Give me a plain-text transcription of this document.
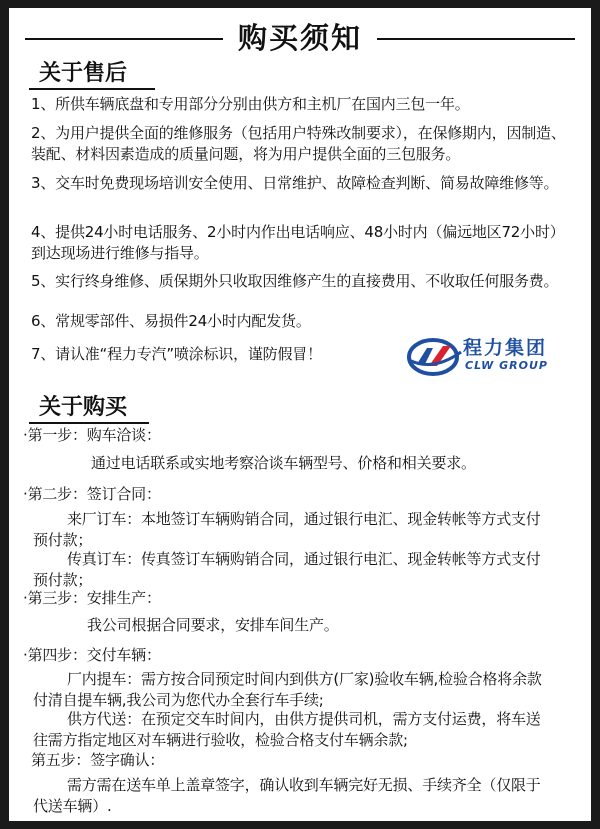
购买须知
关于售后

1、所供车辆底盘和专用部分分别由供方和主机厂在国内三包一年。

2、为用户提供全面的维修服务（包括用户特殊改制要求），在保修期内，因制造、装配、材料因素造成的质量问题，将为用户提供全面的三包服务。

3、交车时免费现场培训安全使用、日常维护、故障检查判断、简易故障维修等。

4、提供24小时电话服务、2小时内作出电话响应、48小时内（偏远地区72小时）到达现场进行维修与指导。

5、实行终身维修、质保期外只收取因维修产生的直接费用、不收取任何服务费。

6、常规零部件、易损件24小时内配发货。

7、请认准“程力专汽”喷涂标识，谨防假冒！	程力集团
CLW GROUP
关于购买

·第一步：购车洽谈：

通过电话联系或实地考察洽谈车辆型号、价格和相关要求。

·第二步：签订合同：

来厂订车：本地签订车辆购销合同，通过银行电汇、现金转帐等方式支付预付款；

传真订车：传真签订车辆购销合同，通过银行电汇、现金转帐等方式支付预付款；

·第三步：安排生产：

我公司根据合同要求，安排车间生产。

·第四步：交付车辆：

厂内提车：需方按合同预定时间内到供方(厂家)验收车辆,检验合格将余款付清自提车辆,我公司为您代办全套行车手续;

供方代送：在预定交车时间内，由供方提供司机，需方支付运费，将车送往需方指定地区对车辆进行验收，检验合格支付车辆余款;

第五步：签字确认：

需方需在送车单上盖章签字，确认收到车辆完好无损、手续齐全（仅限于代送车辆）.
